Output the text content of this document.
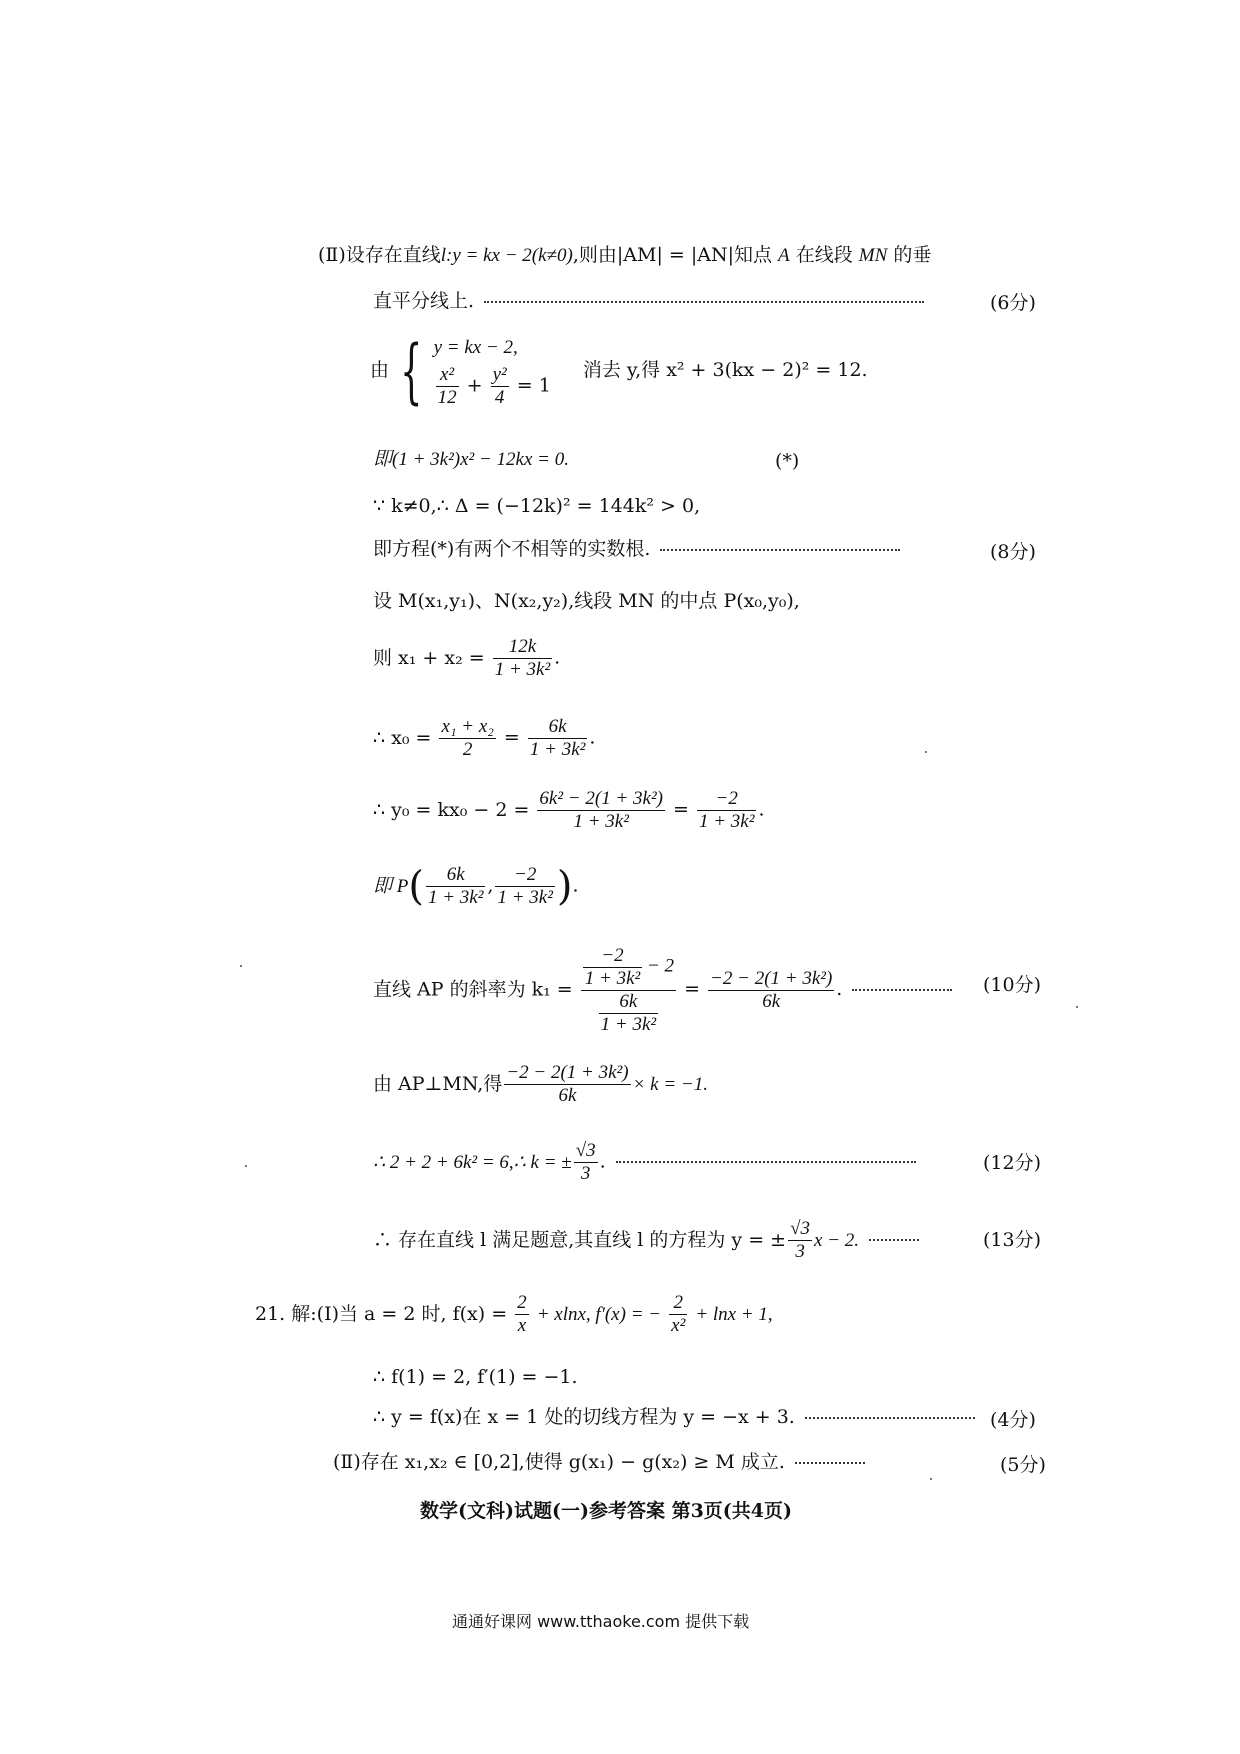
(Ⅱ)设存在直线l:y = kx − 2(k≠0),则由|AM| = |AN|知点 A 在线段 MN 的垂
直平分线上.	(6分)
由 { y = kx − 2,
$\frac{\text{x²}}{12} + \frac{\text{y²}}{4} = 1$
消去 y,得 x² + 3(kx − 2)² = 12.
即(1 + 3k²)x² − 12kx = 0.	(*)
∵ k≠0,∴ Δ = (−12k)² = 144k² > 0,
即方程(*)有两个不相等的实数根.	(8分)
设 M(x₁,y₁)、N(x₂,y₂),线段 MN 的中点 P(x₀,y₀),
则 $x_1 + x_2 = \frac{12k}{\text{1 + 3k²}}$ .
∴ $x_0 = \frac{\text{x₁ + x₂}}{2} = \frac{6k}{\text{1 + 3k²}}$ .
∴ $y_0 = kx_0 - 2 = \frac{\text{6k² − 2(1 + 3k²)}}{\text{1 + 3k²}} = \frac{-2}{\text{1 + 3k²}}$ .
即 $P( \frac{6k}{\text{1 + 3k²}}$ , $\frac{-2}{\text{1 + 3k²}}$ ).
直线 AP 的斜率为 $k_1 = \frac{\frac{-2}{\text{1 + 3k²}} - 2}{\frac{6k}{\text{1 + 3k²}}} = \frac{\text{−2 − 2(1 + 3k²)}}{6k}$ .	(10分)
由 AP⊥MN,得 $\frac{\text{−2 − 2(1 + 3k²)}}{6k} \times k = -1$.
∴ 2 + 2 + 6k² = 6,∴ k = ± $\frac{√3}{3}$ .	(12分)
∴ 存在直线 l 满足题意,其直线 l 的方程为 y = ± $\frac{√3}{3}$ x − 2.	(13分)
21. 解:(Ⅰ)当 a = 2 时, $f(x) = \frac{2}{x} + xlnx$, f′(x) = − $\frac{2}{\text{x²}} + \ln x + 1$,
∴ f(1) = 2, f′(1) = −1.
∴ y = f(x)在 x = 1 处的切线方程为 y = −x + 3.	(4分)
(Ⅱ)存在 x₁,x₂ ∈ [0,2],使得 g(x₁) − g(x₂) ≥ M 成立.	(5分)
数学(文科)试题(一)参考答案 第3页(共4页)
通通好课网 www.tthaoke.com 提供下载
